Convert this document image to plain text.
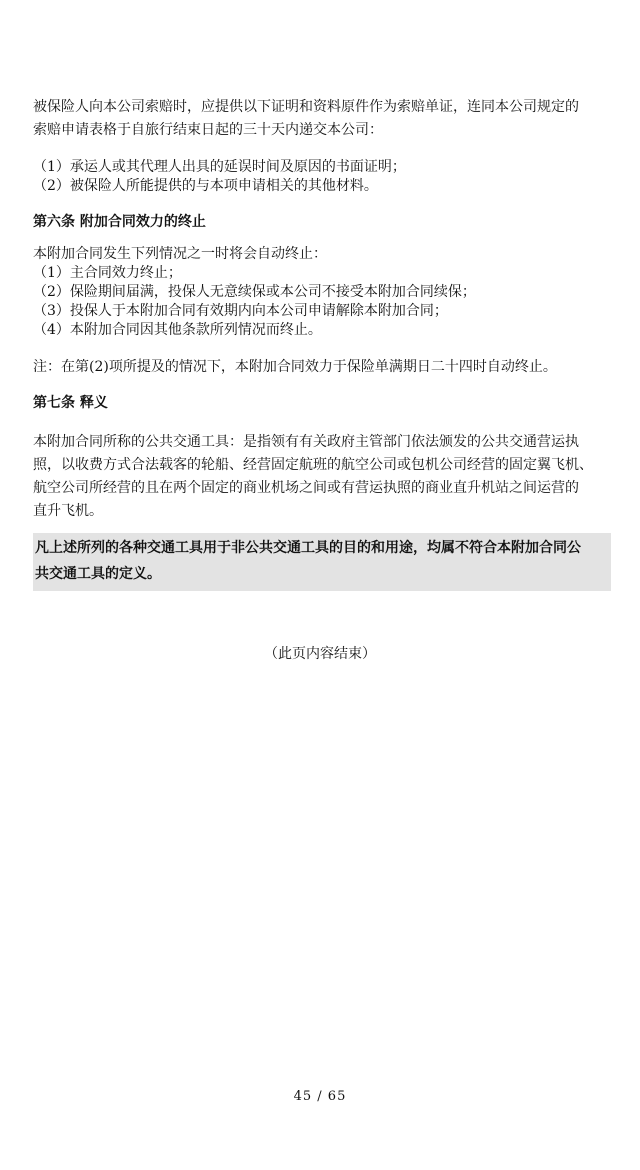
被保险人向本公司索赔时，应提供以下证明和资料原件作为索赔单证，连同本公司规定的
索赔申请表格于自旅行结束日起的三十天内递交本公司：

（1）承运人或其代理人出具的延误时间及原因的书面证明；

（2）被保险人所能提供的与本项申请相关的其他材料。

第六条 附加合同效力的终止

本附加合同发生下列情况之一时将会自动终止：

（1）主合同效力终止；

（2）保险期间届满，投保人无意续保或本公司不接受本附加合同续保；

（3）投保人于本附加合同有效期内向本公司申请解除本附加合同；

（4）本附加合同因其他条款所列情况而终止。

注：在第(2)项所提及的情况下，本附加合同效力于保险单满期日二十四时自动终止。

第七条 释义

本附加合同所称的公共交通工具：是指领有有关政府主管部门依法颁发的公共交通营运执
照，以收费方式合法载客的轮船、经营固定航班的航空公司或包机公司经营的固定翼飞机、
航空公司所经营的且在两个固定的商业机场之间或有营运执照的商业直升机站之间运营的
直升飞机。

凡上述所列的各种交通工具用于非公共交通工具的目的和用途，均属不符合本附加合同公
共交通工具的定义。

（此页内容结束）
45 / 65
